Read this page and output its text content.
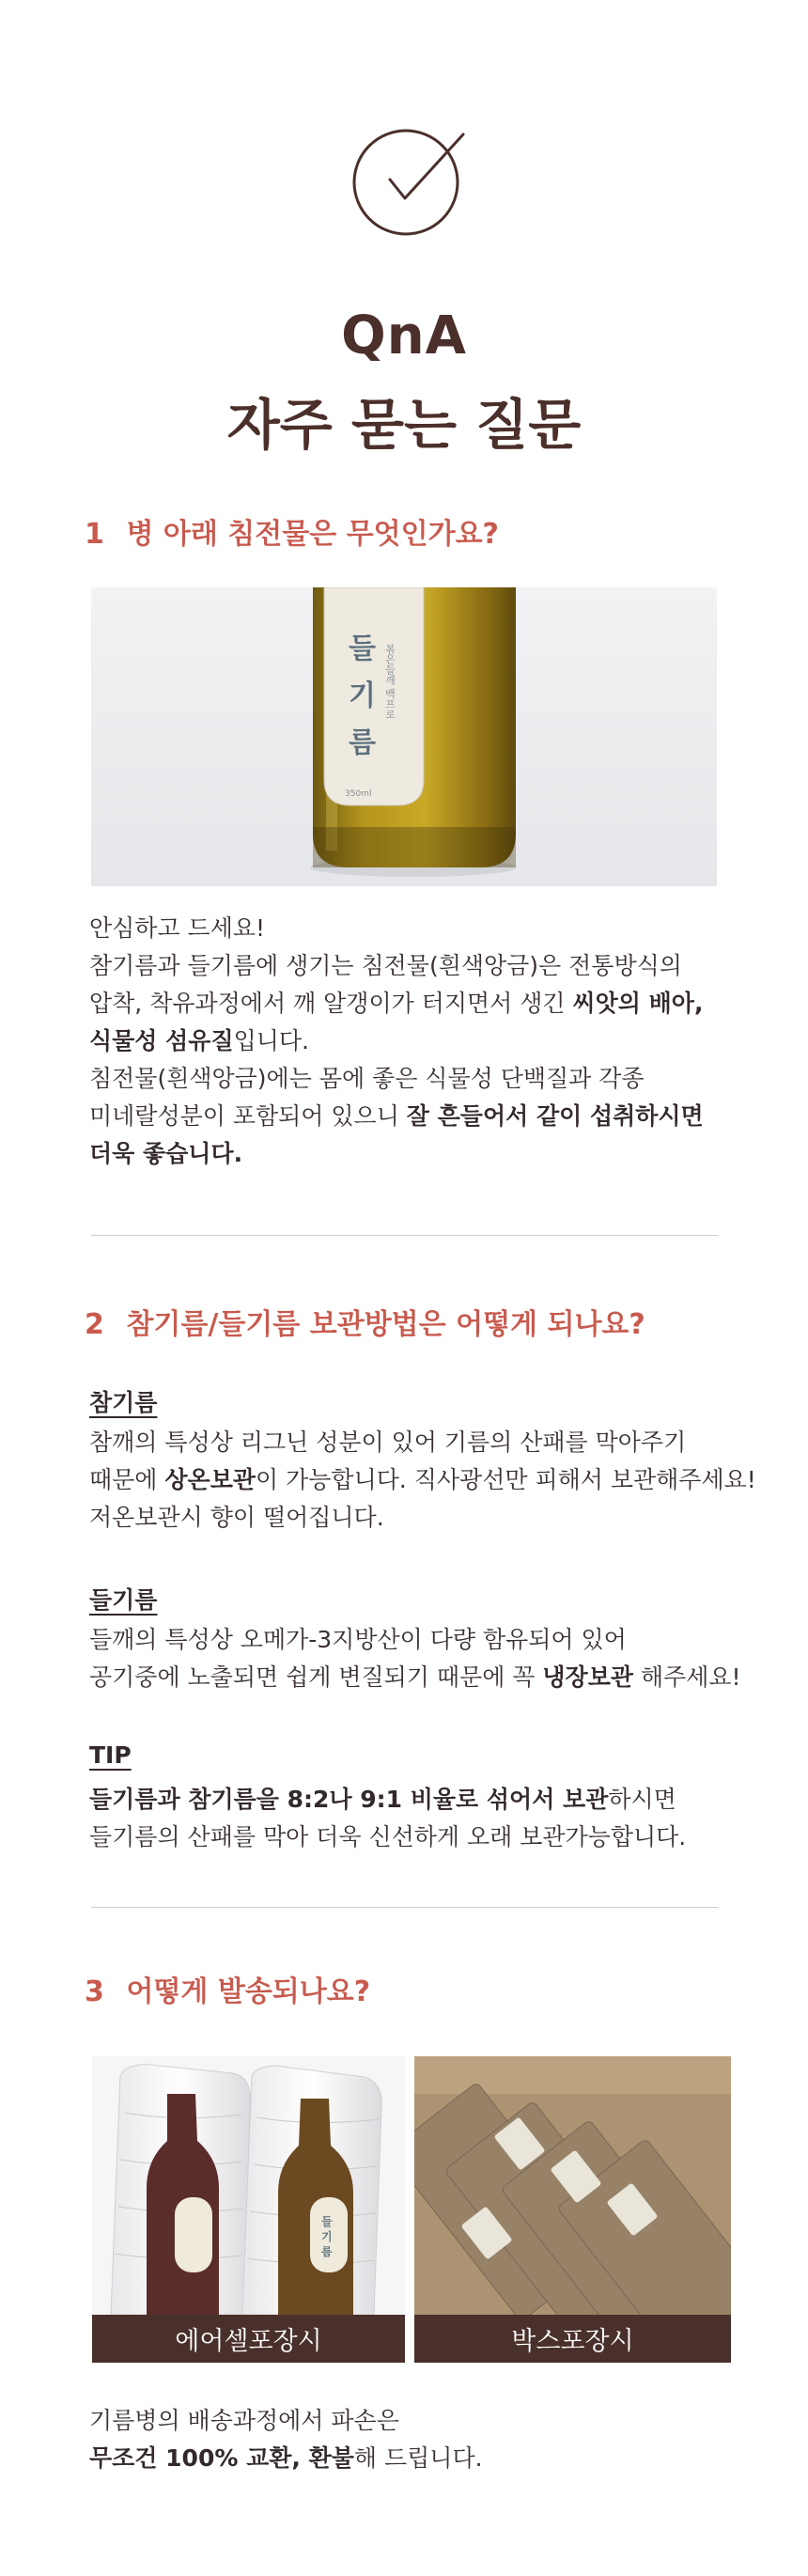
QnA
자주 묻는 질문
1 병 아래 침전물은 무엇인가요?
들 기 름
볶은들깨 백프로
350ml
안심하고 드세요!
참기름과 들기름에 생기는 침전물(흰색앙금)은 전통방식의
압착, 착유과정에서 깨 알갱이가 터지면서 생긴 씨앗의 배아,
식물성 섬유질입니다.
침전물(흰색앙금)에는 몸에 좋은 식물성 단백질과 각종
미네랄성분이 포함되어 있으니 잘 흔들어서 같이 섭취하시면
더욱 좋습니다.
2 참기름/들기름 보관방법은 어떻게 되나요?
참기름
참깨의 특성상 리그닌 성분이 있어 기름의 산패를 막아주기
때문에 상온보관이 가능합니다. 직사광선만 피해서 보관해주세요!
저온보관시 향이 떨어집니다.
들기름
들깨의 특성상 오메가-3지방산이 다량 함유되어 있어
공기중에 노출되면 쉽게 변질되기 때문에 꼭 냉장보관 해주세요!
TIP
들기름과 참기름을 8:2나 9:1 비율로 섞어서 보관하시면
들기름의 산패를 막아 더욱 신선하게 오래 보관가능합니다.
3 어떻게 발송되나요?
들 기 름
에어셀포장시	박스포장시
기름병의 배송과정에서 파손은
무조건 100% 교환, 환불해 드립니다.
